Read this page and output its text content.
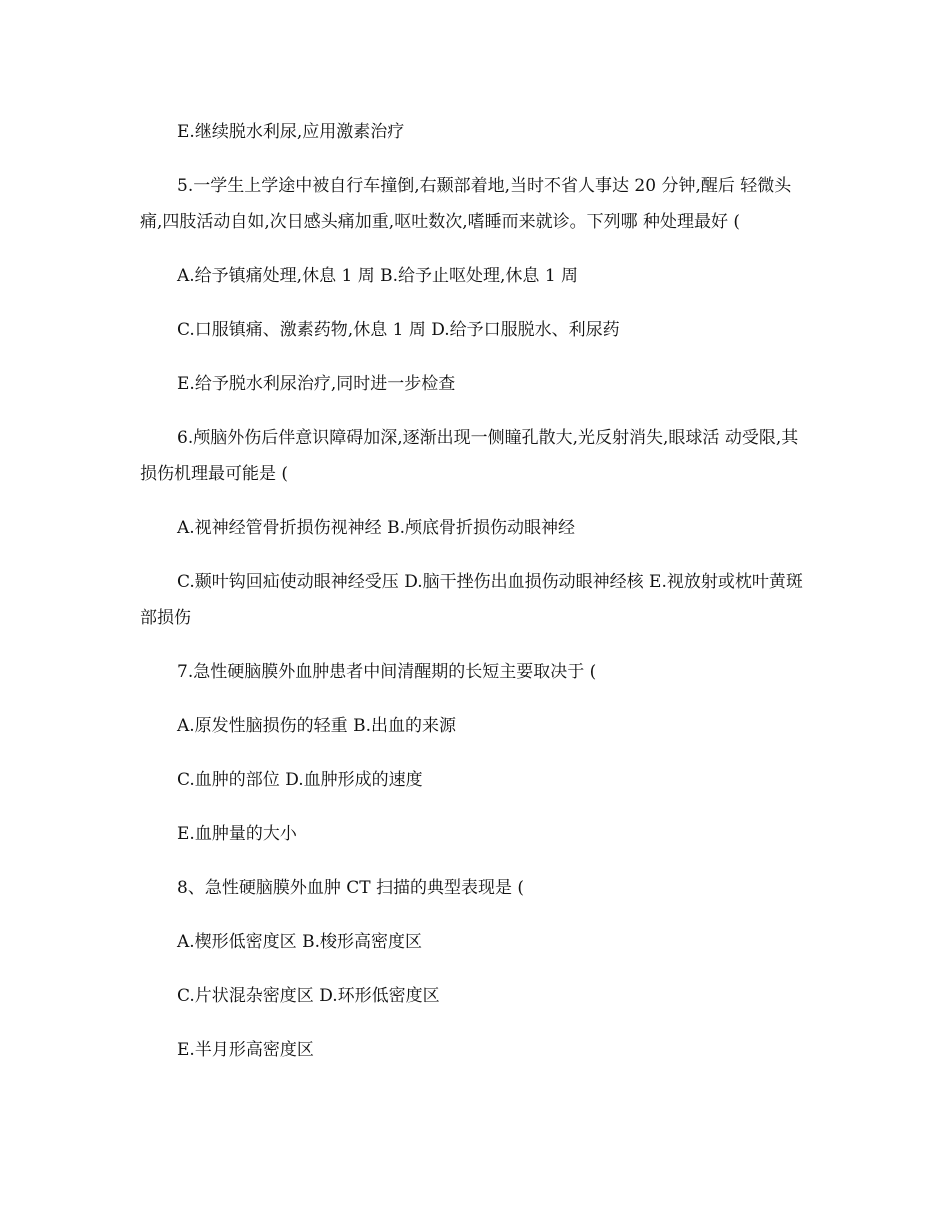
E.继续脱水利尿,应用激素治疗

5.一学生上学途中被自行车撞倒,右颞部着地,当时不省人事达 20 分钟,醒后 轻微头痛,四肢活动自如,次日感头痛加重,呕吐数次,嗜睡而来就诊。下列哪 种处理最好 (

A.给予镇痛处理,休息 1 周 B.给予止呕处理,休息 1 周

C.口服镇痛、激素药物,休息 1 周 D.给予口服脱水、利尿药

E.给予脱水利尿治疗,同时进一步检查

6.颅脑外伤后伴意识障碍加深,逐渐出现一侧瞳孔散大,光反射消失,眼球活 动受限,其损伤机理最可能是 (

A.视神经管骨折损伤视神经 B.颅底骨折损伤动眼神经

C.颞叶钩回疝使动眼神经受压 D.脑干挫伤出血损伤动眼神经核 E.视放射或枕叶黄斑部损伤

7.急性硬脑膜外血肿患者中间清醒期的长短主要取决于 (

A.原发性脑损伤的轻重 B.出血的来源

C.血肿的部位 D.血肿形成的速度

E.血肿量的大小

8、急性硬脑膜外血肿 CT 扫描的典型表现是 (

A.楔形低密度区 B.梭形高密度区

C.片状混杂密度区 D.环形低密度区

E.半月形高密度区
